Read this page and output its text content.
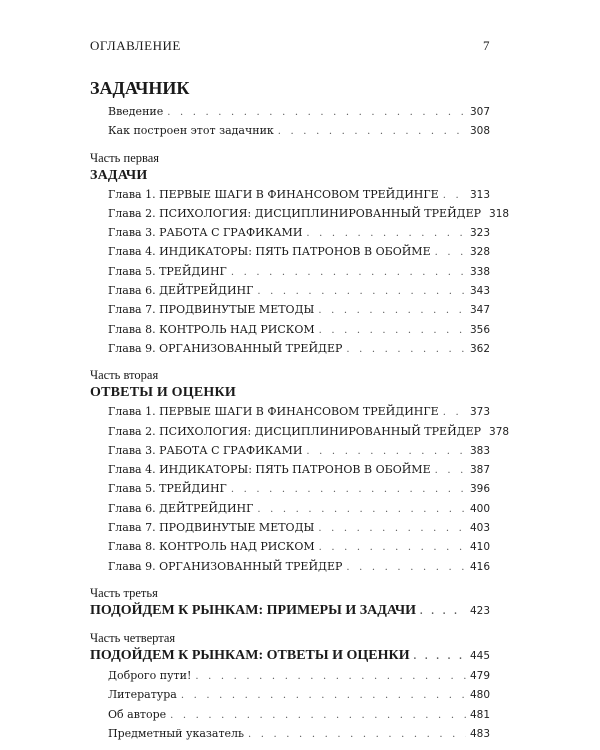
ОГЛАВЛЕНИЕ	7
ЗАДАЧНИК
Введение . . .	307
Как построен этот задачник . . .	308
Часть первая
ЗАДАЧИ
Глава 1. ПЕРВЫЕ ШАГИ В ФИНАНСОВОМ ТРЕЙДИНГЕ . . .	313
Глава 2. ПСИХОЛОГИЯ: ДИСЦИПЛИНИРОВАННЫЙ ТРЕЙДЕР 318
Глава 3. РАБОТА С ГРАФИКАМИ . . .	323
Глава 4. ИНДИКАТОРЫ: ПЯТЬ ПАТРОНОВ В ОБОЙМЕ . . .	328
Глава 5. ТРЕЙДИНГ . . .	338
Глава 6. ДЕЙТРЕЙДИНГ . . .	343
Глава 7. ПРОДВИНУТЫЕ МЕТОДЫ . . .	347
Глава 8. КОНТРОЛЬ НАД РИСКОМ . . .	356
Глава 9. ОРГАНИЗОВАННЫЙ ТРЕЙДЕР . . .	362
Часть вторая
ОТВЕТЫ И ОЦЕНКИ
Глава 1. ПЕРВЫЕ ШАГИ В ФИНАНСОВОМ ТРЕЙДИНГЕ . . .	373
Глава 2. ПСИХОЛОГИЯ: ДИСЦИПЛИНИРОВАННЫЙ ТРЕЙДЕР 378
Глава 3. РАБОТА С ГРАФИКАМИ . . .	383
Глава 4. ИНДИКАТОРЫ: ПЯТЬ ПАТРОНОВ В ОБОЙМЕ . . .	387
Глава 5. ТРЕЙДИНГ . . .	396
Глава 6. ДЕЙТРЕЙДИНГ . . .	400
Глава 7. ПРОДВИНУТЫЕ МЕТОДЫ . . .	403
Глава 8. КОНТРОЛЬ НАД РИСКОМ . . .	410
Глава 9. ОРГАНИЗОВАННЫЙ ТРЕЙДЕР . . .	416
Часть третья
ПОДОЙДЕМ К РЫНКАМ: ПРИМЕРЫ И ЗАДАЧИ . . .	423
Часть четвертая
ПОДОЙДЕМ К РЫНКАМ: ОТВЕТЫ И ОЦЕНКИ . . .	445
Доброго пути! . . .	479
Литература . . .	480
Об авторе . . .	481
Предметный указатель . . .	483
